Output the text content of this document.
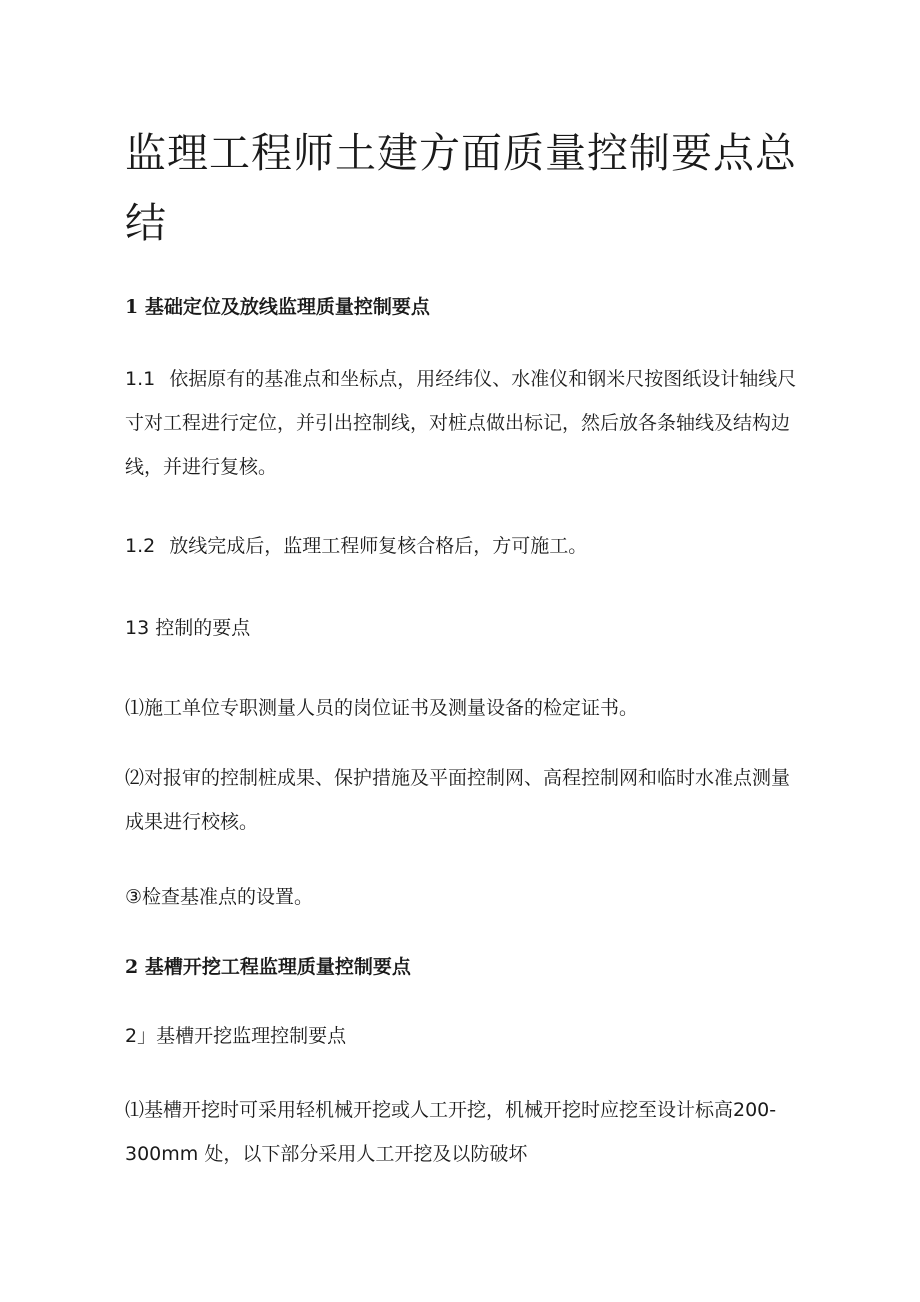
监理工程师土建方面质量控制要点总结
1 基础定位及放线监理质量控制要点

1.1 依据原有的基准点和坐标点，用经纬仪、水准仪和钢米尺按图纸设计轴线尺寸对工程进行定位，并引出控制线，对桩点做出标记，然后放各条轴线及结构边线，并进行复核。

1.2 放线完成后，监理工程师复核合格后，方可施工。

13 控制的要点

⑴施工单位专职测量人员的岗位证书及测量设备的检定证书。

⑵对报审的控制桩成果、保护措施及平面控制网、高程控制网和临时水准点测量成果进行校核。

③检查基准点的设置。

2 基槽开挖工程监理质量控制要点

2」基槽开挖监理控制要点

⑴基槽开挖时可采用轻机械开挖或人工开挖，机械开挖时应挖至设计标高200-300mm 处，以下部分采用人工开挖及以防破坏
